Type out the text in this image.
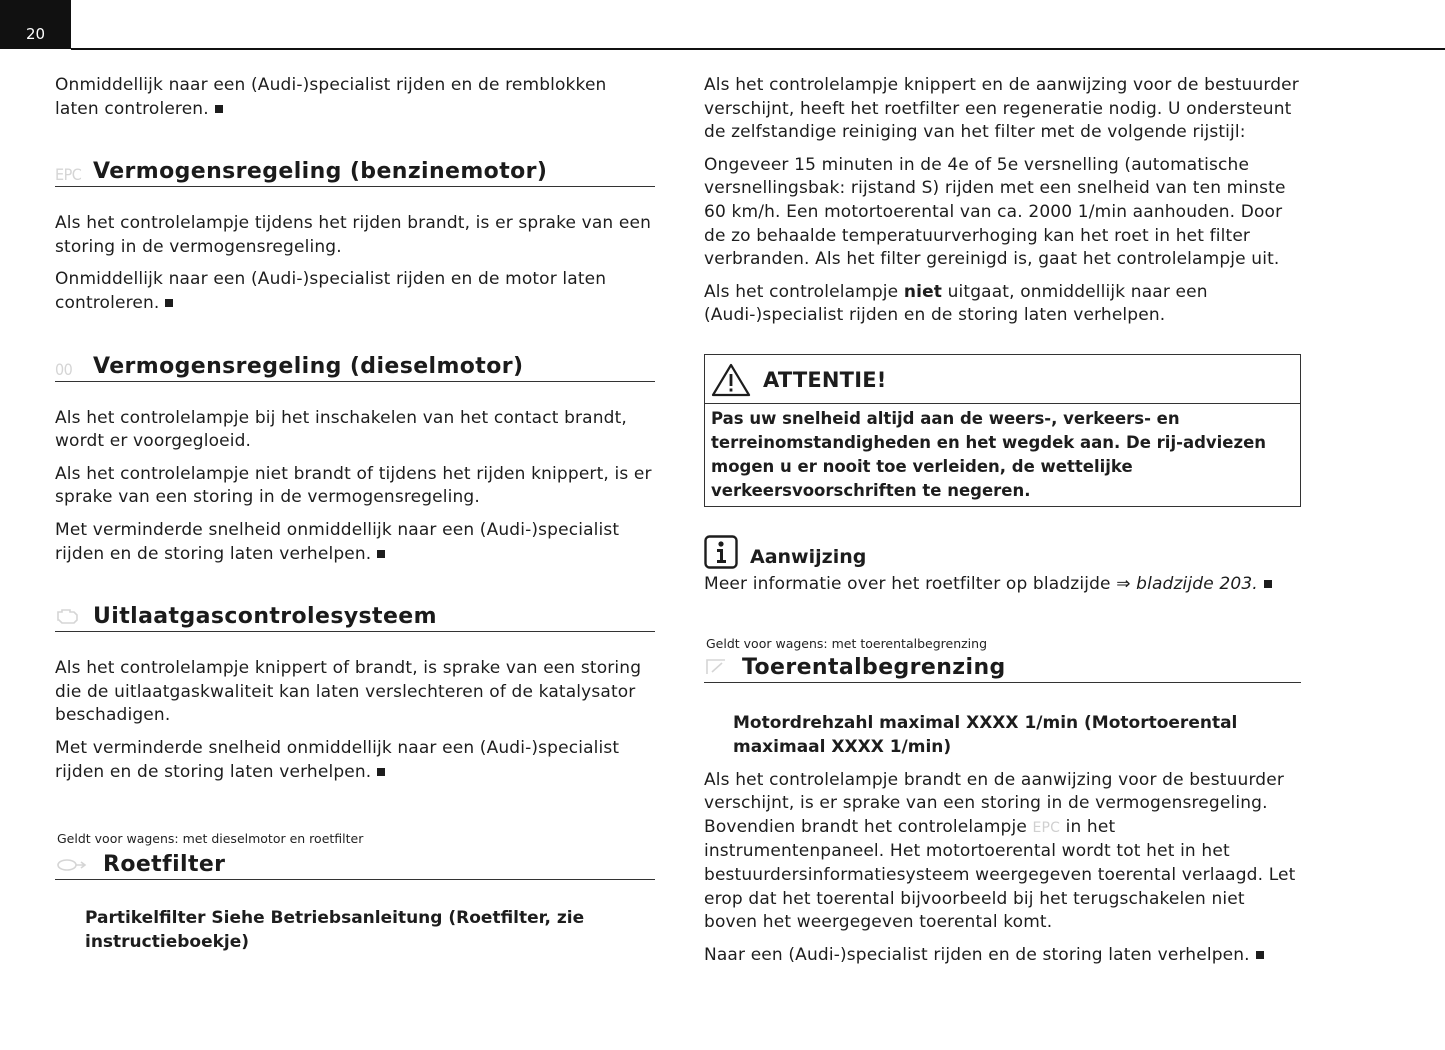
20

Onmiddellijk naar een (Audi-)specialist rijden en de remblokken laten controleren.

EPC Vermogensregeling (benzinemotor)

Als het controlelampje tijdens het rijden brandt, is er sprake van een storing in de vermogensregeling.

Onmiddellijk naar een (Audi-)specialist rijden en de motor laten controleren.

00 Vermogensregeling (dieselmotor)

Als het controlelampje bij het inschakelen van het contact brandt, wordt er voorgegloeid.

Als het controlelampje niet brandt of tijdens het rijden knippert, is er sprake van een storing in de vermogensregeling.

Met verminderde snelheid onmiddellijk naar een (Audi-)specialist rijden en de storing laten verhelpen.

Uitlaatgascontrolesysteem

Als het controlelampje knippert of brandt, is sprake van een storing die de uitlaatgaskwaliteit kan laten verslechteren of de katalysator beschadigen.

Met verminderde snelheid onmiddellijk naar een (Audi-)specialist rijden en de storing laten verhelpen.

Geldt voor wagens: met dieselmotor en roetfilter
Roetfilter
Partikelfilter Siehe Betriebsanleitung (Roetfilter, zie instructieboekje)

Als het controlelampje knippert en de aanwijzing voor de bestuurder verschijnt, heeft het roetfilter een regeneratie nodig. U ondersteunt de zelfstandige reiniging van het filter met de volgende rijstijl:

Ongeveer 15 minuten in de 4e of 5e versnelling (automatische versnellingsbak: rijstand S) rijden met een snelheid van ten minste 60 km/h. Een motortoerental van ca. 2000 1/min aanhouden. Door de zo behaalde temperatuurverhoging kan het roet in het filter verbranden. Als het filter gereinigd is, gaat het controlelampje uit.

Als het controlelampje niet uitgaat, onmiddellijk naar een (Audi-)specialist rijden en de storing laten verhelpen.

ATTENTIE!
Pas uw snelheid altijd aan de weers-, verkeers- en terreinomstandigheden en het wegdek aan. De rij-adviezen mogen u er nooit toe verleiden, de wettelijke verkeersvoorschriften te negeren.
Aanwijzing

Meer informatie over het roetfilter op bladzijde ⇒ bladzijde 203.

Geldt voor wagens: met toerentalbegrenzing
Toerentalbegrenzing
Motordrehzahl maximal XXXX 1/min (Motortoerental maximaal XXXX 1/min)

Als het controlelampje brandt en de aanwijzing voor de bestuurder verschijnt, is er sprake van een storing in de vermogensregeling. Bovendien brandt het controlelampje EPC in het instrumentenpaneel. Het motortoerental wordt tot het in het bestuurdersinformatiesysteem weergegeven toerental verlaagd. Let erop dat het toerental bijvoorbeeld bij het terugschakelen niet boven het weergegeven toerental komt.

Naar een (Audi-)specialist rijden en de storing laten verhelpen.
